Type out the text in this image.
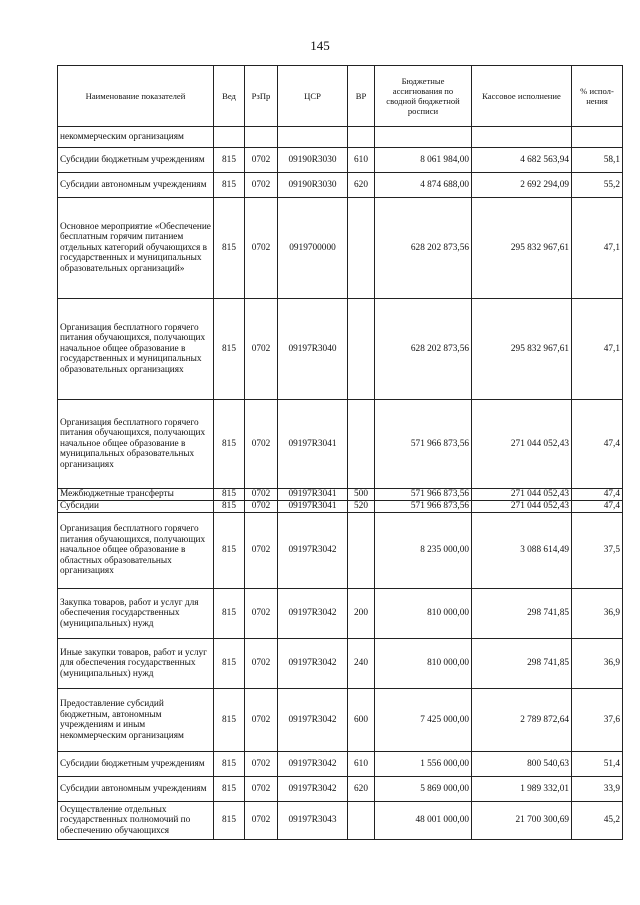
145
Наименование показателей	Вед	РзПр	ЦСР	ВР	Бюджетные ассигнования по сводной бюджетной росписи	Кассовое исполнение	% испол-нения
некоммерческим организациям							
Субсидии бюджетным учреждениям	815	0702	09190R3030	610	8 061 984,00	4 682 563,94	58,1
Субсидии автономным учреждениям	815	0702	09190R3030	620	4 874 688,00	2 692 294,09	55,2
Основное мероприятие «Обеспечение бесплатным горячим питанием отдельных категорий обучающихся в государственных и муниципальных образовательных организаций»	815	0702	0919700000		628 202 873,56	295 832 967,61	47,1
Организация бесплатного горячего питания обучающихся, получающих начальное общее образование в государственных и муниципальных образовательных организациях	815	0702	09197R3040		628 202 873,56	295 832 967,61	47,1
Организация бесплатного горячего питания обучающихся, получающих начальное общее образование в муниципальных образовательных организациях	815	0702	09197R3041		571 966 873,56	271 044 052,43	47,4
Межбюджетные трансферты	815	0702	09197R3041	500	571 966 873,56	271 044 052,43	47,4
Субсидии	815	0702	09197R3041	520	571 966 873,56	271 044 052,43	47,4
Организация бесплатного горячего питания обучающихся, получающих начальное общее образование в областных образовательных организациях	815	0702	09197R3042		8 235 000,00	3 088 614,49	37,5
Закупка товаров, работ и услуг для обеспечения государственных (муниципальных) нужд	815	0702	09197R3042	200	810 000,00	298 741,85	36,9
Иные закупки товаров, работ и услуг для обеспечения государственных (муниципальных) нужд	815	0702	09197R3042	240	810 000,00	298 741,85	36,9
Предоставление субсидий бюджетным, автономным учреждениям и иным некоммерческим организациям	815	0702	09197R3042	600	7 425 000,00	2 789 872,64	37,6
Субсидии бюджетным учреждениям	815	0702	09197R3042	610	1 556 000,00	800 540,63	51,4
Субсидии автономным учреждениям	815	0702	09197R3042	620	5 869 000,00	1 989 332,01	33,9
Осуществление отдельных государственных полномочий по обеспечению обучающихся	815	0702	09197R3043		48 001 000,00	21 700 300,69	45,2
